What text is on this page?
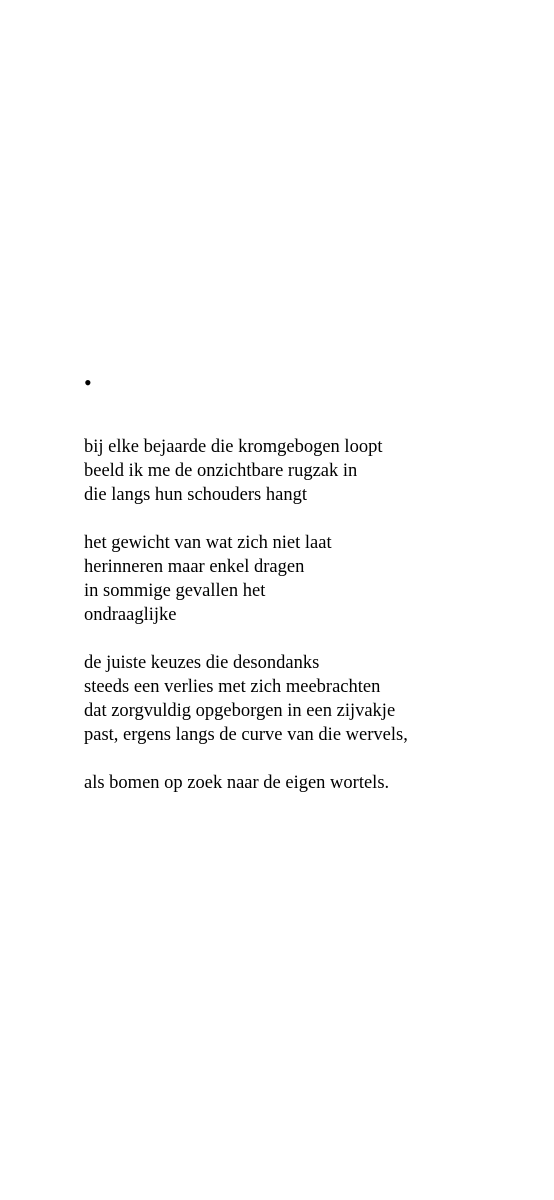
•
bij elke bejaarde die kromgebogen loopt
beeld ik me de onzichtbare rugzak in
die langs hun schouders hangt
het gewicht van wat zich niet laat
herinneren maar enkel dragen
in sommige gevallen het
ondraaglijke
de juiste keuzes die desondanks
steeds een verlies met zich meebrachten
dat zorgvuldig opgeborgen in een zijvakje
past, ergens langs de curve van die wervels,
als bomen op zoek naar de eigen wortels.
